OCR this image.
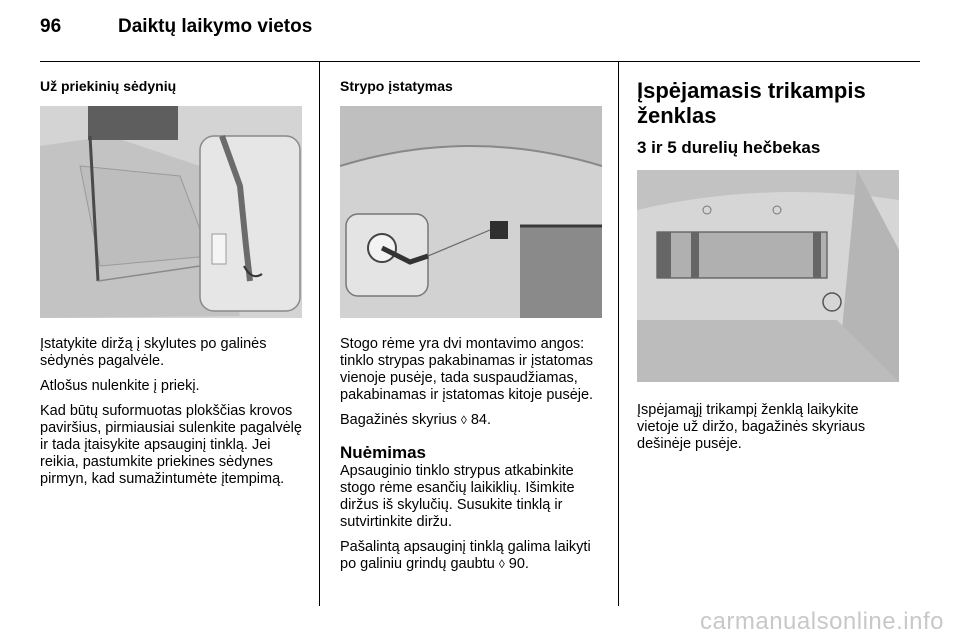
96	Daiktų laikymo vietos
Už priekinių sėdynių

Įstatykite diržą į skylutes po galinės sėdynės pagalvėle.

Atlošus nulenkite į priekį.

Kad būtų suformuotas plokščias krovos paviršius, pirmiausiai sulenkite pagalvėlę ir tada įtaisykite apsauginį tinklą. Jei reikia, pastumkite priekines sėdynes pirmyn, kad sumažintumėte įtempimą.

Strypo įstatymas

Stogo rėme yra dvi montavimo angos: tinklo strypas pakabinamas ir įstatomas vienoje pusėje, tada suspaudžiamas, pakabinamas ir įstatomas kitoje pusėje.

Bagažinės skyrius ◊ 84.

Nuėmimas

Apsauginio tinklo strypus atkabinkite stogo rėme esančių laikiklių. Išimkite diržus iš skylučių. Susukite tinklą ir sutvirtinkite diržu.

Pašalintą apsauginį tinklą galima laikyti po galiniu grindų gaubtu ◊ 90.

Įspėjamasis trikampis ženklas
3 ir 5 durelių hečbekas

Įspėjamąjį trikampį ženklą laikykite vietoje už diržo, bagažinės skyriaus dešinėje pusėje.

carmanualsonline.info
